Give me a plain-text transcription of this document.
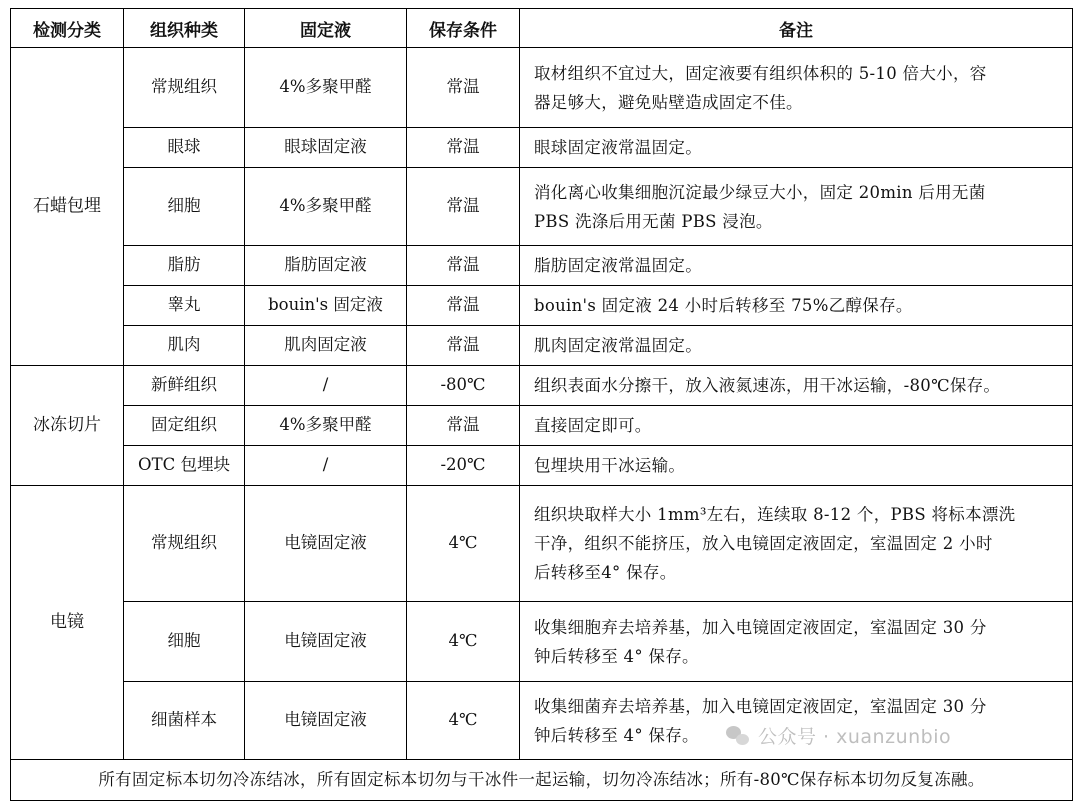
检测分类	组织种类	固定液	保存条件	备注
石蜡包埋	常规组织	4%多聚甲醛	常温	取材组织不宜过大，固定液要有组织体积的 5-10 倍大小，容
器足够大，避免贴壁造成固定不佳。

	眼球	眼球固定液	常温	眼球固定液常温固定。

	细胞	4%多聚甲醛	常温	消化离心收集细胞沉淀最少绿豆大小，固定 20min 后用无菌
PBS 洗涤后用无菌 PBS 浸泡。

	脂肪	脂肪固定液	常温	脂肪固定液常温固定。

	睾丸	bouin's 固定液	常温	bouin's 固定液 24 小时后转移至 75%乙醇保存。

	肌肉	肌肉固定液	常温	肌肉固定液常温固定。

冰冻切片	新鲜组织	/	-80℃	组织表面水分擦干，放入液氮速冻，用干冰运输，-80℃保存。

	固定组织	4%多聚甲醛	常温	直接固定即可。

	OTC 包埋块	/	-20℃	包埋块用干冰运输。

电镜	常规组织	电镜固定液	4℃	组织块取样大小 1mm³左右，连续取 8-12 个，PBS 将标本漂洗
干净，组织不能挤压，放入电镜固定液固定，室温固定 2 小时
后转移至4° 保存。

	细胞	电镜固定液	4℃	收集细胞弃去培养基，加入电镜固定液固定，室温固定 30 分
钟后转移至 4° 保存。

	细菌样本	电镜固定液	4℃	收集细菌弃去培养基，加入电镜固定液固定，室温固定 30 分
钟后转移至 4° 保存。

所有固定标本切勿冷冻结冰，所有固定标本切勿与干冰件一起运输，切勿冷冻结冰；所有-80℃保存标本切勿反复冻融。				
公众号 · xuanzunbio
